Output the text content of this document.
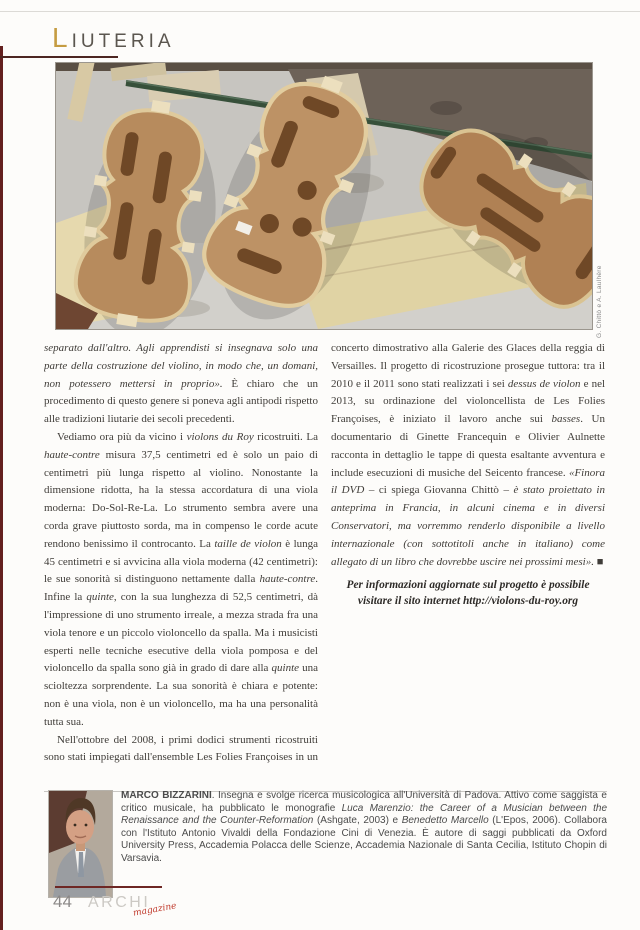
LIUTERIA
G. Chittò e A. Laulhère

separato dall'altro. Agli apprendisti si insegnava solo una parte della costruzione del violino, in modo che, un domani, non potessero mettersi in proprio». È chiaro che un procedimento di questo genere si poneva agli antipodi rispetto alle tradizioni liutarie dei secoli precedenti.

Vediamo ora più da vicino i violons du Roy ricostruiti. La haute-contre misura 37,5 centimetri ed è solo un paio di centimetri più lunga rispetto al violino. Nonostante la dimensione ridotta, ha la stessa accordatura di una viola moderna: Do-Sol-Re-La. Lo strumento sembra avere una corda grave piuttosto sorda, ma in compenso le corde acute rendono benissimo il controcanto. La taille de violon è lunga 45 centimetri e si avvicina alla viola moderna (42 centimetri): le sue sonorità si distinguono nettamente dalla haute-contre. Infine la quinte, con la sua lunghezza di 52,5 centimetri, dà l'impressione di uno strumento irreale, a mezza strada fra una viola tenore e un piccolo violoncello da spalla. Ma i musicisti esperti nelle tecniche esecutive della viola pomposa e del violoncello da spalla sono già in grado di dare alla quinte una scioltezza sorprendente. La sua sonorità è chiara e potente: non è una viola, non è un violoncello, ma ha una personalità tutta sua.

Nell'ottobre del 2008, i primi dodici strumenti ricostruiti sono stati impiegati dall'ensemble Les Folies Françoises in un concerto dimostrativo alla Galerie des Glaces della reggia di Versailles. Il progetto di ricostruzione prosegue tuttora: tra il 2010 e il 2011 sono stati realizzati i sei dessus de violon e nel 2013, su ordinazione del violoncellista de Les Folies Françoises, è iniziato il lavoro anche sui basses. Un documentario di Ginette Francequin e Olivier Aulnette racconta in dettaglio le tappe di questa esaltante avventura e include esecuzioni di musiche del Seicento francese. «Finora il DVD – ci spiega Giovanna Chittò – è stato proiettato in anteprima in Francia, in alcuni cinema e in diversi Conservatori, ma vorremmo renderlo disponibile a livello internazionale (con sottotitoli anche in italiano) come allegato di un libro che dovrebbe uscire nei prossimi mesi». ■

Per informazioni aggiornate sul progetto è possibile visitare il sito internet http://violons-du-roy.org

MARCO BIZZARINI. Insegna e svolge ricerca musicologica all'Università di Padova. Attivo come saggista e critico musicale, ha pubblicato le monografie Luca Marenzio: the Career of a Musician between the Renaissance and the Counter-Reformation (Ashgate, 2003) e Benedetto Marcello (L'Epos, 2006). Collabora con l'Istituto Antonio Vivaldi della Fondazione Cini di Venezia. È autore di saggi pubblicati da Oxford University Press, Accademia Polacca delle Scienze, Accademia Nazionale di Santa Cecilia, Istituto Chopin di Varsavia.

44 ARCHI
magazine
